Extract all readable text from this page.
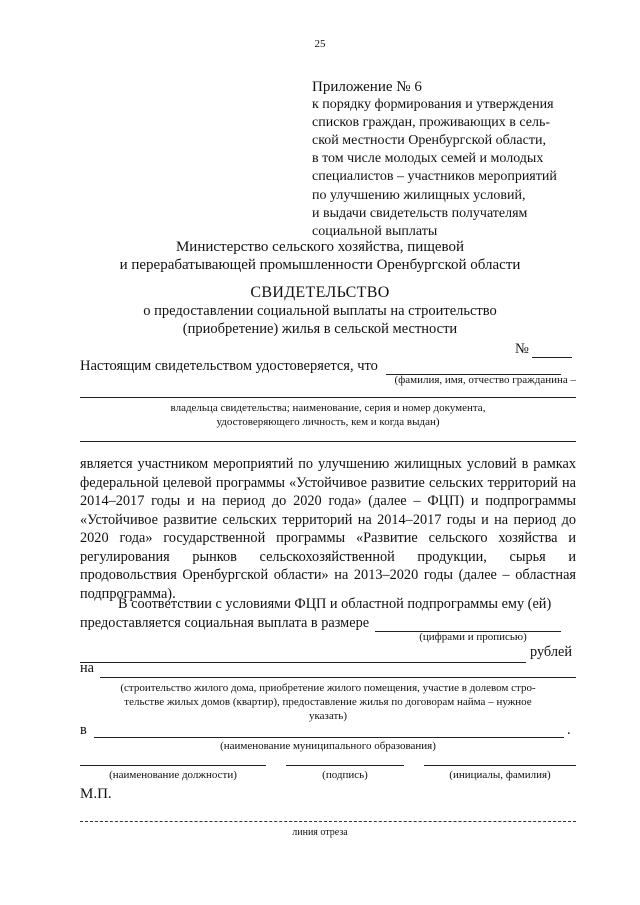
25
Приложение № 6
к порядку формирования и утверждения
списков граждан, проживающих в сель-
ской местности Оренбургской области,
в том числе молодых семей и молодых
специалистов – участников мероприятий
по улучшению жилищных условий,
и выдачи свидетельств получателям
социальной выплаты
Министерство сельского хозяйства, пищевой
и перерабатывающей промышленности Оренбургской области
СВИДЕТЕЛЬСТВО
о предоставлении социальной выплаты на строительство
(приобретение) жилья в сельской местности
№
Настоящим свидетельством удостоверяется, что
(фамилия, имя, отчество гражданина –
владельца свидетельства; наименование, серия и номер документа,
удостоверяющего личность, кем и когда выдан)

является участником мероприятий по улучшению жилищных условий в рамках федеральной целевой программы «Устойчивое развитие сельских территорий на 2014–2017 годы и на период до 2020 года» (далее – ФЦП) и подпрограммы «Устойчивое развитие сельских территорий на 2014–2017 годы и на период до 2020 года» государственной программы «Развитие сельского хозяйства и регулирования рынков сельскохозяйственной продукции, сырья и продовольствия Оренбургской области» на 2013–2020 годы (далее – областная подпрограмма).

В соответствии с условиями ФЦП и областной подпрограммы ему (ей)
предоставляется социальная выплата в размере
(цифрами и прописью)
рублей
на
(строительство жилого дома, приобретение жилого помещения, участие в долевом стро-
тельстве жилых домов (квартир), предоставление жилья по договорам найма – нужное
указать)
в	.
(наименование муниципального образования)
(наименование должности)	(подпись)	(инициалы, фамилия)
М.П.
линия отреза
